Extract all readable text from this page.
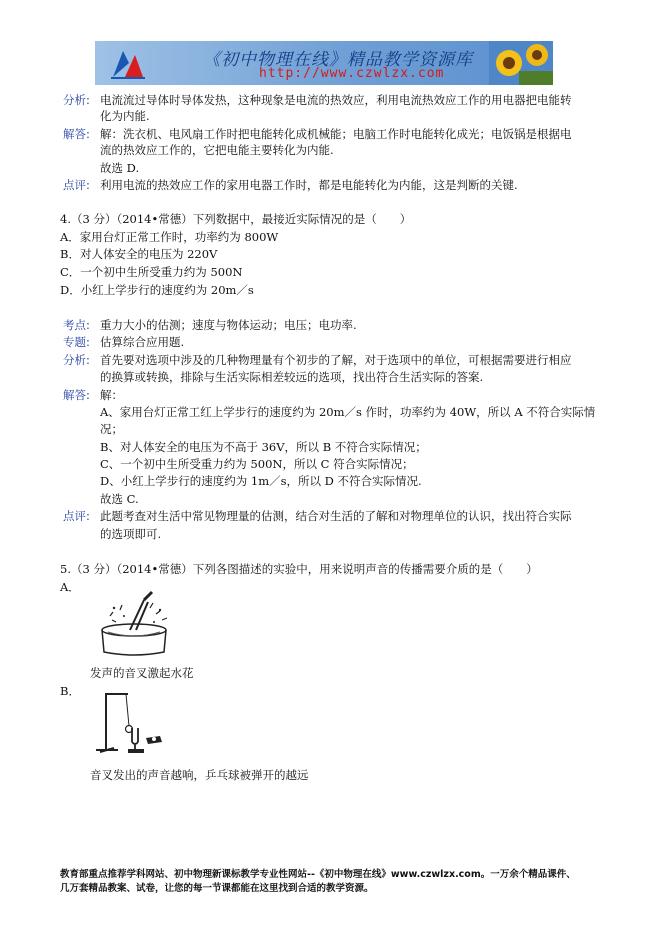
《初中物理在线》精品教学资源库
http://www.czwlzx.com
分析: 电流流过导体时导体发热，这种现象是电流的热效应，利用电流热效应工作的用电器把电能转
化为内能.
解答: 解：洗衣机、电风扇工作时把电能转化成机械能；电脑工作时电能转化成光；电饭锅是根据电
流的热效应工作的，它把电能主要转化为内能.
故选 D.
点评: 利用电流的热效应工作的家用电器工作时，都是电能转化为内能，这是判断的关键.
4.（3 分）（2014•常德）下列数据中，最接近实际情况的是（　　）
A．家用台灯正常工作时，功率约为 800W
B．对人体安全的电压为 220V
C．一个初中生所受重力约为 500N
D．小红上学步行的速度约为 20m／s
考点: 重力大小的估测；速度与物体运动；电压；电功率.
专题: 估算综合应用题.
分析: 首先要对选项中涉及的几种物理量有个初步的了解，对于选项中的单位，可根据需要进行相应
的换算或转换，排除与生活实际相差较远的选项，找出符合生活实际的答案.
解答: 解：
A、家用台灯正常工红上学步行的速度约为 20m／s 作时，功率约为 40W，所以 A 不符合实际情
况；
B、对人体安全的电压为不高于 36V，所以 B 不符合实际情况；
C、一个初中生所受重力约为 500N，所以 C 符合实际情况；
D、小红上学步行的速度约为 1m／s，所以 D 不符合实际情况.
故选 C.
点评: 此题考查对生活中常见物理量的估测，结合对生活的了解和对物理单位的认识，找出符合实际
的选项即可.
5.（3 分）（2014•常德）下列各图描述的实验中，用来说明声音的传播需要介质的是（　　）
A．
发声的音叉激起水花
B．
音叉发出的声音越响，乒乓球被弹开的越远
教育部重点推荐学科网站、初中物理新课标教学专业性网站--《初中物理在线》www.czwlzx.com。一万余个精品课件、
几万套精品教案、试卷，让您的每一节课都能在这里找到合适的教学资源。
